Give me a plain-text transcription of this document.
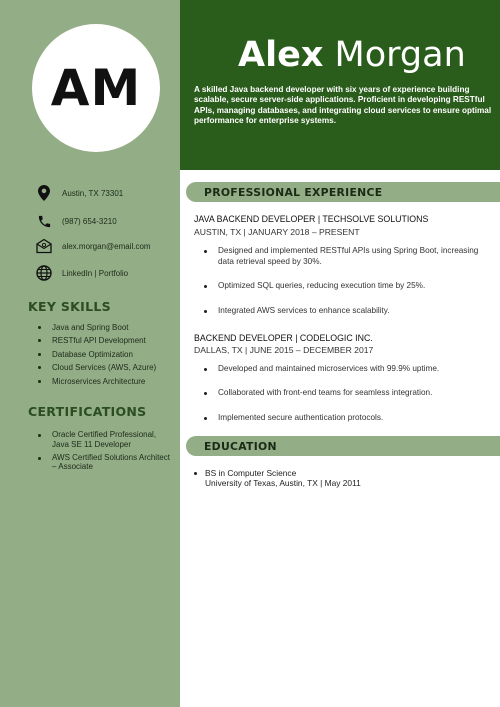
AM
Alex Morgan

A skilled Java backend developer with six years of experience building scalable, secure server-side applications. Proficient in developing RESTful APIs, managing databases, and integrating cloud services to ensure optimal performance for enterprise systems.

Austin, TX 73301
(987) 654-3210
alex.morgan@email.com
LinkedIn | Portfolio
KEY SKILLS
Java and Spring Boot
RESTful API Development
Database Optimization
Cloud Services (AWS, Azure)
Microservices Architecture
CERTIFICATIONS
Oracle Certified Professional, Java SE 11 Developer
AWS Certified Solutions Architect – Associate
PROFESSIONAL EXPERIENCE
JAVA BACKEND DEVELOPER | TECHSOLVE SOLUTIONS
AUSTIN, TX | JANUARY 2018 – PRESENT
Designed and implemented RESTful APIs using Spring Boot, increasing data retrieval speed by 30%.
Optimized SQL queries, reducing execution time by 25%.
Integrated AWS services to enhance scalability.
BACKEND DEVELOPER | CODELOGIC INC.
DALLAS, TX | JUNE 2015 – DECEMBER 2017
Developed and maintained microservices with 99.9% uptime.
Collaborated with front-end teams for seamless integration.
Implemented secure authentication protocols.
EDUCATION
BS in Computer Science
University of Texas, Austin, TX | May 2011
